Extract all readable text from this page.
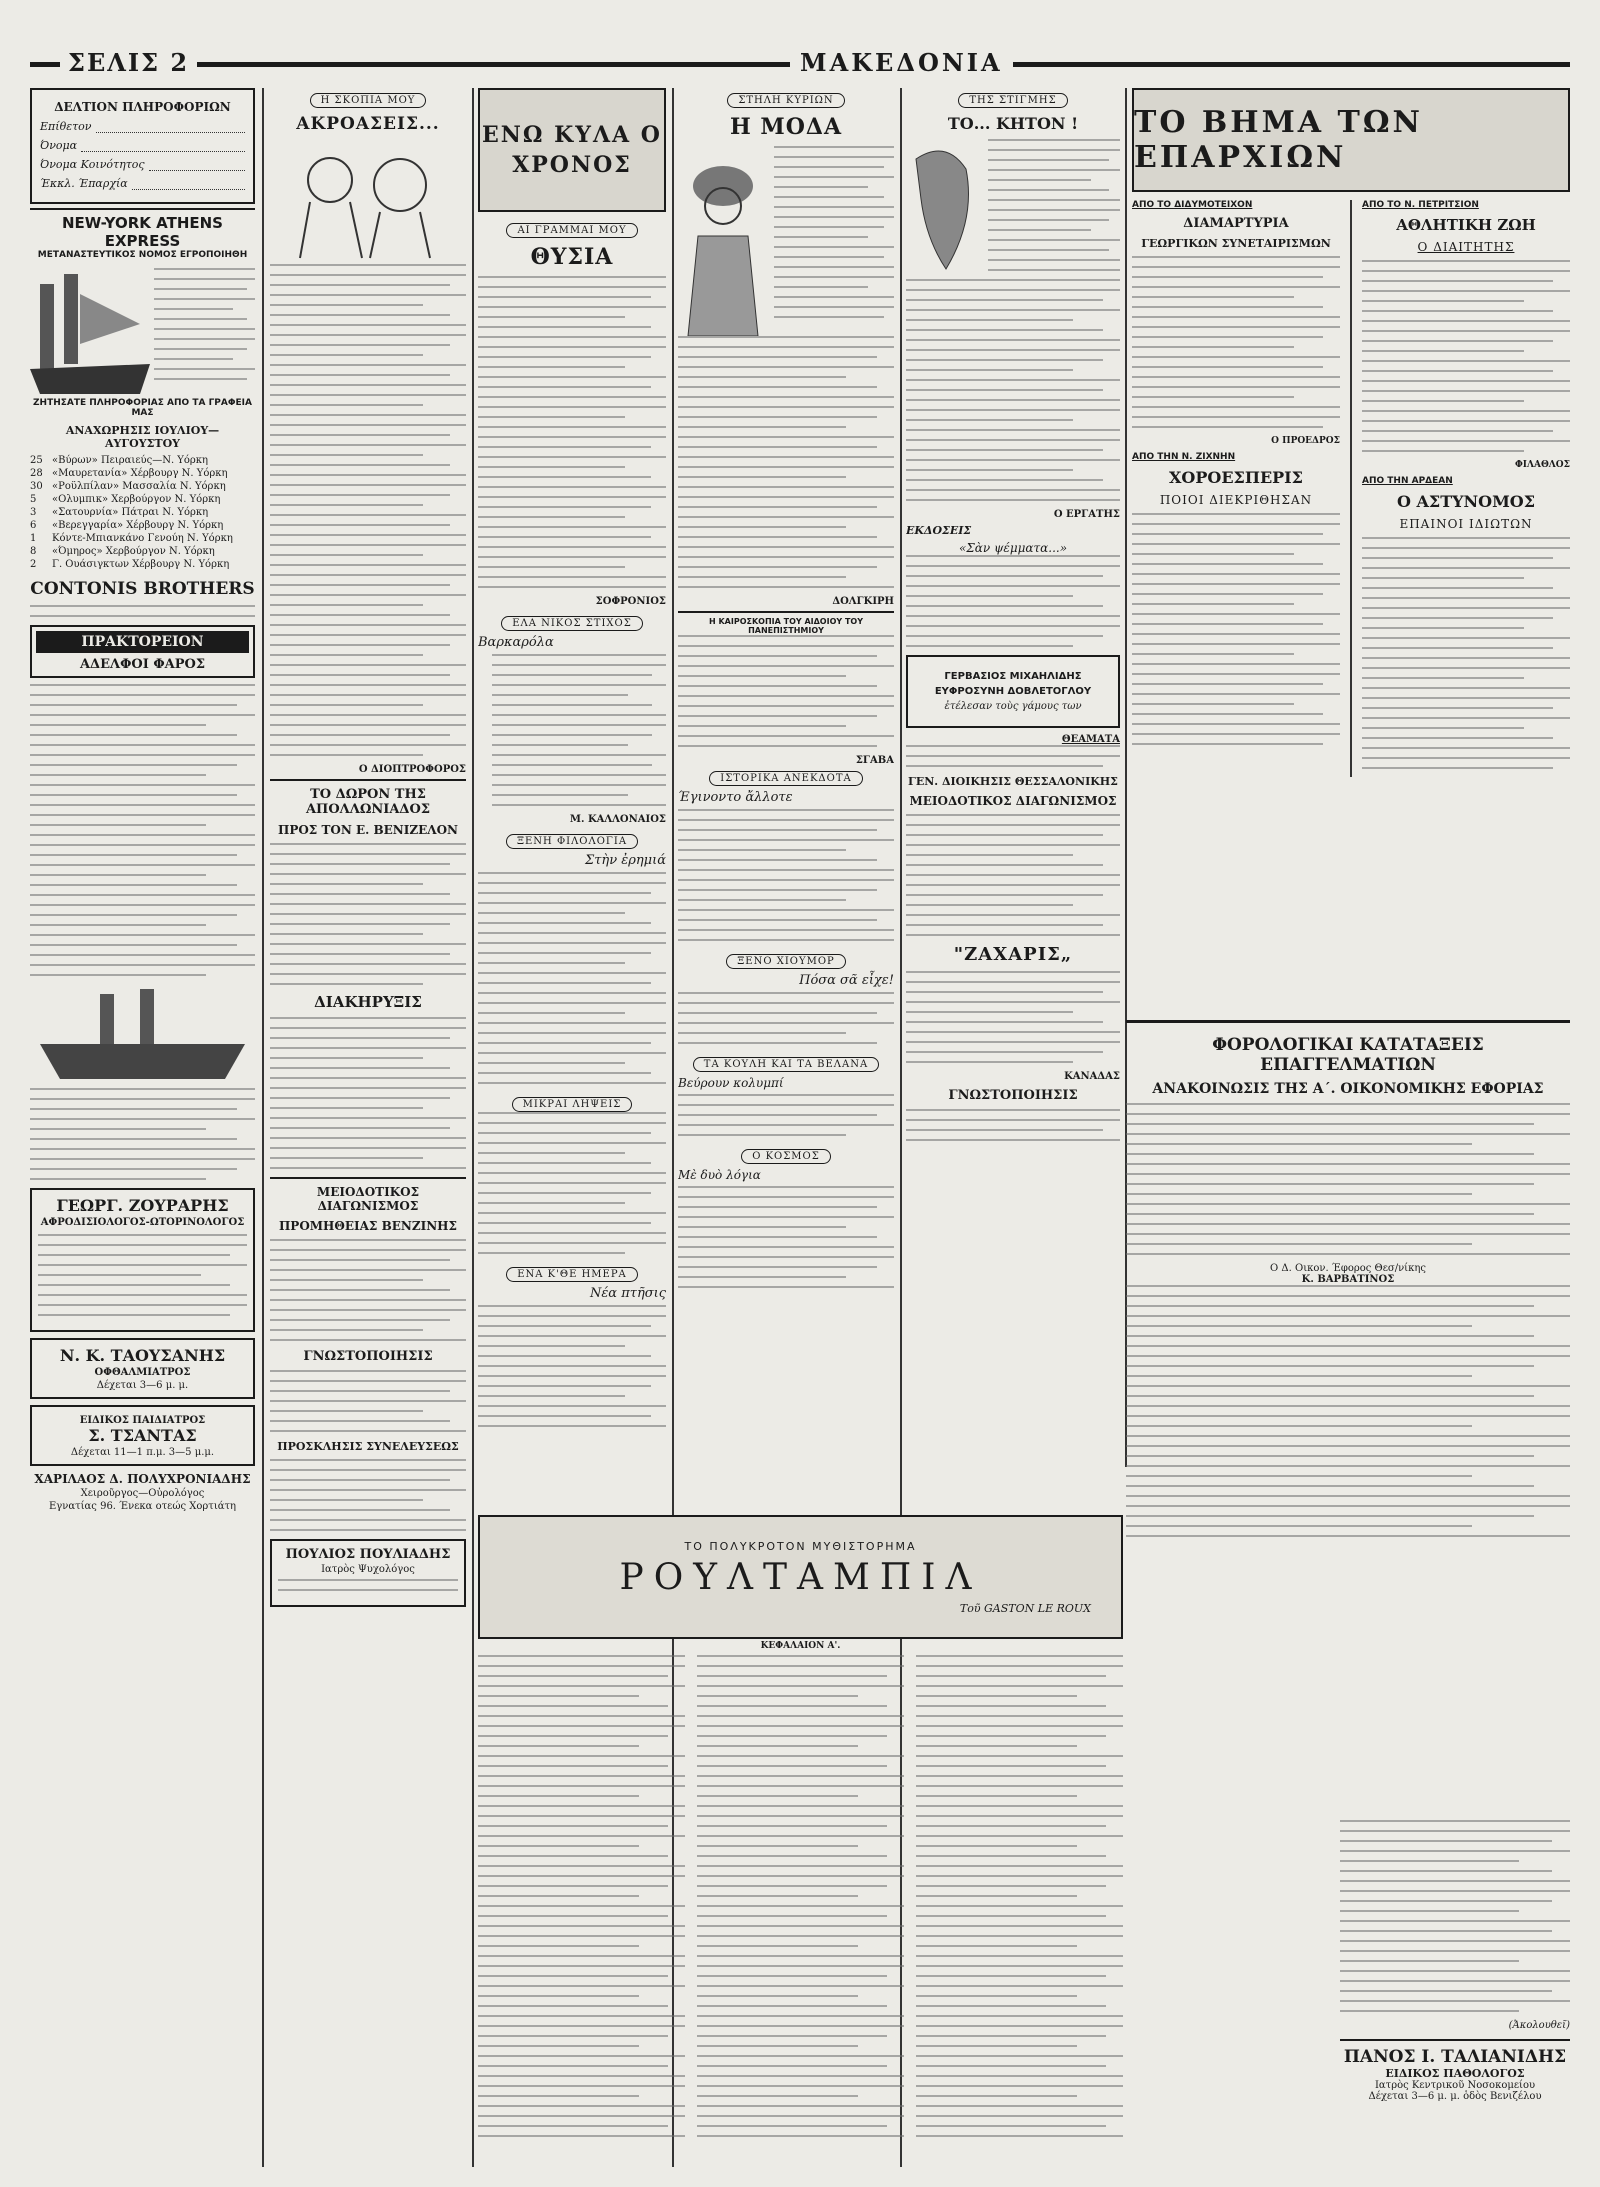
ΣΕΛΙΣ 2	ΜΑΚΕΔΟΝΙΑ
ΔΕΛΤΙΟΝ ΠΛΗΡΟΦΟΡΙΩΝ
Επίθετον
Όνομα
Όνομα Κοινότητος
Έκκλ. Έπαρχία
NEW-YORK ATHENS EXPRESS
ΜΕΤΑΝΑΣΤΕΥΤΙΚΟΣ ΝΟΜΟΣ ΕΓΡΟΠΟΙΗΘΗ
ΖΗΤΗΣΑΤΕ ΠΛΗΡΟΦΟΡΙΑΣ ΑΠΟ ΤΑ ΓΡΑΦΕΙΑ ΜΑΣ
ΑΝΑΧΩΡΗΣΙΣ ΙΟΥΛΙΟΥ—ΑΥΓΟΥΣΤΟΥ
25 «Βύρων» Πειραιεύς—Ν. Υόρκη
28 «Μαυρετανία» Χέρβουργ Ν. Υόρκη
30 «Ροϋλπίλαν» Μασσαλία Ν. Υόρκη
5	«Ολυμπικ» Χερβούργον Ν. Υόρκη
3	«Σατουρνία» Πάτραι Ν. Υόρκη
6	«Βερεγγαρία» Χέρβουργ Ν. Υόρκη
1	Κόντε-Μπιανκάνο Γενούη Ν. Υόρκη
8	«Όμηρος» Χερβούργον Ν. Υόρκη
2	Γ. Ουάσιγκτων Χέρβουργ Ν. Υόρκη
CONTONIS BROTHERS
ΠΡΑΚΤΟΡΕΙΟΝ
ΑΔΕΛΦΟΙ ΦΑΡΟΣ
ΓΕΩΡΓ. ΖΟΥΡΑΡΗΣ
ΑΦΡΟΔΙΣΙΟΛΟΓΟΣ-ΩΤΟΡΙΝΟΛΟΓΟΣ
Ν. Κ. ΤΑΟΥΣΑΝΗΣ
ΟΦΘΑΛΜΙΑΤΡΟΣ
Δέχεται 3—6 μ. μ.
ΕΙΔΙΚΟΣ ΠΑΙΔΙΑΤΡΟΣ
Σ. ΤΣΑΝΤΑΣ
Δέχεται 11—1 π.μ. 3—5 μ.μ.
ΧΑΡΙΛΑΟΣ Δ. ΠΟΛΥΧΡΟΝΙΑΔΗΣ
Χειροῦργος—Οὐρολόγος
Εγνατίας 96. Ένεκα οτεώς Χορτιάτη
Η ΣΚΟΠΙΑ ΜΟΥ
ΑΚΡΟΑΣΕΙΣ...
Ο ΔΙΟΠΤΡΟΦΟΡΟΣ
ΤΟ ΔΩΡΟΝ ΤΗΣ ΑΠΟΛΛΩΝΙΑΔΟΣ
ΠΡΟΣ ΤΟΝ Ε. ΒΕΝΙΖΕΛΟΝ
ΔΙΑΚΗΡΥΞΙΣ
ΜΕΙΟΔΟΤΙΚΟΣ ΔΙΑΓΩΝΙΣΜΟΣ
ΠΡΟΜΗΘΕΙΑΣ ΒΕΝΖΙΝΗΣ
ΓΝΩΣΤΟΠΟΙΗΣΙΣ
ΠΡΟΣΚΛΗΣΙΣ ΣΥΝΕΛΕΥΣΕΩΣ
ΠΟΥΛΙΟΣ ΠΟΥΛΙΑΔΗΣ
Ιατρὸς Ψυχολόγος
ΕΝΩ ΚΥΛΑ Ο ΧΡΟΝΟΣ
ΑΙ ΓΡΑΜΜΑΙ ΜΟΥ
ΘΥΣΙΑ
ΣΟΦΡΟΝΙΟΣ
ΕΛΑ ΝΙΚΟΣ ΣΤΙΧΟΣ
Βαρκαρόλα
Μ. ΚΑΛΛΟΝΑΙΟΣ
ΞΕΝΗ ΦΙΛΟΛΟΓΙΑ
Στὴν ἐρημιά
ΜΙΚΡΑΙ ΛΗΨΕΙΣ
ΕΝΑ Κ'ΘΕ ΗΜΕΡΑ
Νέα πτῆσις
ΣΤΗΛΗ ΚΥΡΙΩΝ
Η ΜΟΔΑ
ΔΟΛΓΚΙΡΗ
Η ΚΑΙΡΟΣΚΟΠΙΑ ΤΟΥ ΑΙΔΟΙΟΥ ΤΟΥ ΠΑΝΕΠΙΣΤΗΜΙΟΥ
ΣΓΑΒΑ
ΙΣΤΟΡΙΚΑ ΑΝΕΚΔΟΤΑ
Έγινοντο ἄλλοτε
ΞΕΝΟ ΧΙΟΥΜΟΡ
Πόσα σᾶ εἶχε!
ΤΑ ΚΟΥΛΗ ΚΑΙ ΤΑ ΒΕΛΑΝΑ
Βεύρουν κολυμπί
Ο ΚΟΣΜΟΣ
Μὲ δυὸ λόγια
ΤΗΣ ΣΤΙΓΜΗΣ
ΤΟ... ΚΗΤΟΝ !
Ο ΕΡΓΑΤΗΣ
ΕΚΔΟΣΕΙΣ
«Σὰν ψέμματα...»
ΓΕΡΒΑΣΙΟΣ ΜΙΧΑΗΛΙΔΗΣ
ΕΥΦΡΟΣΥΝΗ ΔΟΒΛΕΤΟΓΛΟΥ
ἐτέλεσαν τοὺς γάμους των
ΘΕΑΜΑΤΑ
ΓΕΝ. ΔΙΟΙΚΗΣΙΣ ΘΕΣΣΑΛΟΝΙΚΗΣ
ΜΕΙΟΔΟΤΙΚΟΣ ΔΙΑΓΩΝΙΣΜΟΣ
"ΖΑΧΑΡΙΣ„
ΚΑΝΑΔΑΣ
ΓΝΩΣΤΟΠΟΙΗΣΙΣ
ΤΟ ΒΗΜΑ ΤΩΝ ΕΠΑΡΧΙΩΝ
ΑΠΟ ΤΟ ΔΙΔΥΜΟΤΕΙΧΟΝ
ΔΙΑΜΑΡΤΥΡΙΑ
ΓΕΩΡΓΙΚΩΝ ΣΥΝΕΤΑΙΡΙΣΜΩΝ
Ο ΠΡΟΕΔΡΟΣ
ΑΠΟ ΤΗΝ Ν. ΖΙΧΝΗΝ
ΧΟΡΟΕΣΠΕΡΙΣ
ΠΟΙΟΙ ΔΙΕΚΡΙΘΗΣΑΝ
ΑΠΟ ΤΟ Ν. ΠΕΤΡΙΤΣΙΟΝ
ΑΘΛΗΤΙΚΗ ΖΩΗ
Ο ΔΙΑΙΤΗΤΗΣ
ΦΙΛΑΘΛΟΣ
ΑΠΟ ΤΗΝ ΑΡΔΕΑΝ
Ο ΑΣΤΥΝΟΜΟΣ
ΕΠΑΙΝΟΙ ΙΔΙΩΤΩΝ
ΦΟΡΟΛΟΓΙΚΑΙ ΚΑΤΑΤΑΞΕΙΣ ΕΠΑΓΓΕΛΜΑΤΙΩΝ
ΑΝΑΚΟΙΝΩΣΙΣ ΤΗΣ Α΄. ΟΙΚΟΝΟΜΙΚΗΣ ΕΦΟΡΙΑΣ
Ο Δ. Οικον. Έφορος Θεσ/νίκης
Κ. ΒΑΡΒΑΤΙΝΟΣ
ΤΟ ΠΟΛΥΚΡΟΤΟΝ ΜΥΘΙΣΤΟΡΗΜΑ
ΡΟΥΛΤΑΜΠΙΛ
Τοῦ GASTON LE ROUX
ΚΕΦΑΛΑΙΟΝ Α'.
(Ἀκολουθεῖ)
ΠΑΝΟΣ Ι. ΤΑΛΙΑΝΙΔΗΣ
ΕΙΔΙΚΟΣ ΠΑΘΟΛΟΓΟΣ
Ιατρὸς Κεντρικοῦ Νοσοκομείου
Δέχεται 3—6 μ. μ. ὁδὸς Βενιζέλου
